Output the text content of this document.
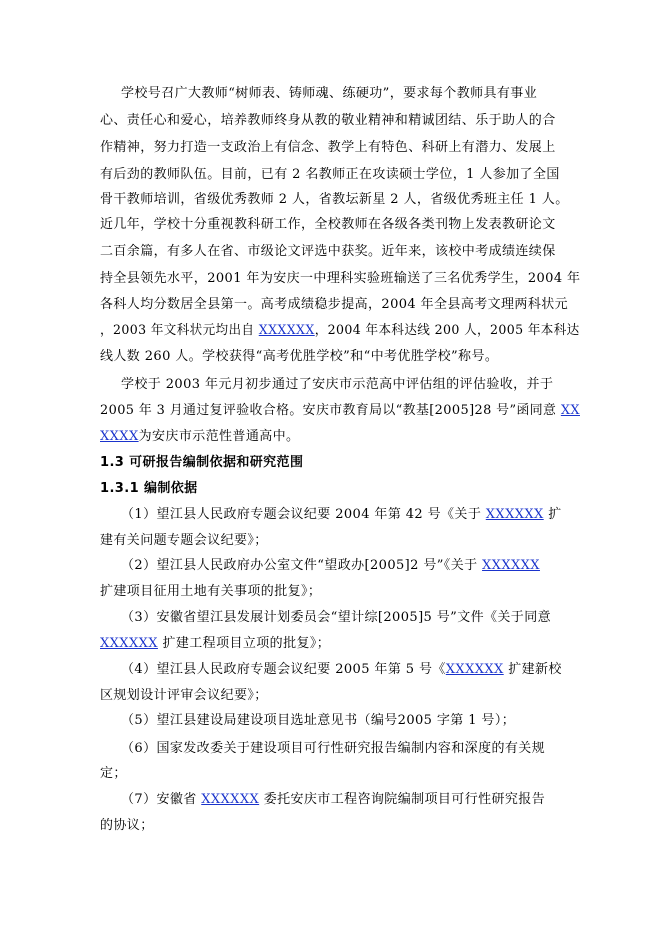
学校号召广大教师“树师表、铸师魂、练硬功”，要求每个教师具有事业
心、责任心和爱心，培养教师终身从教的敬业精神和精诚团结、乐于助人的合
作精神，努力打造一支政治上有信念、教学上有特色、科研上有潜力、发展上
有后劲的教师队伍。目前，已有 2 名教师正在攻读硕士学位，1 人参加了全国
骨干教师培训，省级优秀教师 2 人，省教坛新星 2 人，省级优秀班主任 1 人。
近几年，学校十分重视教科研工作，全校教师在各级各类刊物上发表教研论文
二百余篇，有多人在省、市级论文评选中获奖。近年来，该校中考成绩连续保
持全县领先水平，2001 年为安庆一中理科实验班输送了三名优秀学生，2004 年
各科人均分数居全县第一。高考成绩稳步提高，2004 年全县高考文理两科状元
，2003 年文科状元均出自 XXXXXX，2004 年本科达线 200 人，2005 年本科达
线人数 260 人。学校获得“高考优胜学校”和“中考优胜学校”称号。
学校于 2003 年元月初步通过了安庆市示范高中评估组的评估验收，并于
2005 年 3 月通过复评验收合格。安庆市教育局以“教基[2005]28 号”函同意 XX
XXXX为安庆市示范性普通高中。
1.3 可研报告编制依据和研究范围
1.3.1 编制依据
（1）望江县人民政府专题会议纪要 2004 年第 42 号《关于 XXXXXX 扩
建有关问题专题会议纪要》；
（2）望江县人民政府办公室文件“望政办[2005]2 号”《关于 XXXXXX
扩建项目征用土地有关事项的批复》；
（3）安徽省望江县发展计划委员会“望计综[2005]5 号”文件《关于同意
XXXXXX 扩建工程项目立项的批复》；
（4）望江县人民政府专题会议纪要 2005 年第 5 号《XXXXXX 扩建新校
区规划设计评审会议纪要》；
（5）望江县建设局建设项目选址意见书（编号2005 字第 1 号）；
（6）国家发改委关于建设项目可行性研究报告编制内容和深度的有关规
定；
（7）安徽省 XXXXXX 委托安庆市工程咨询院编制项目可行性研究报告
的协议；
